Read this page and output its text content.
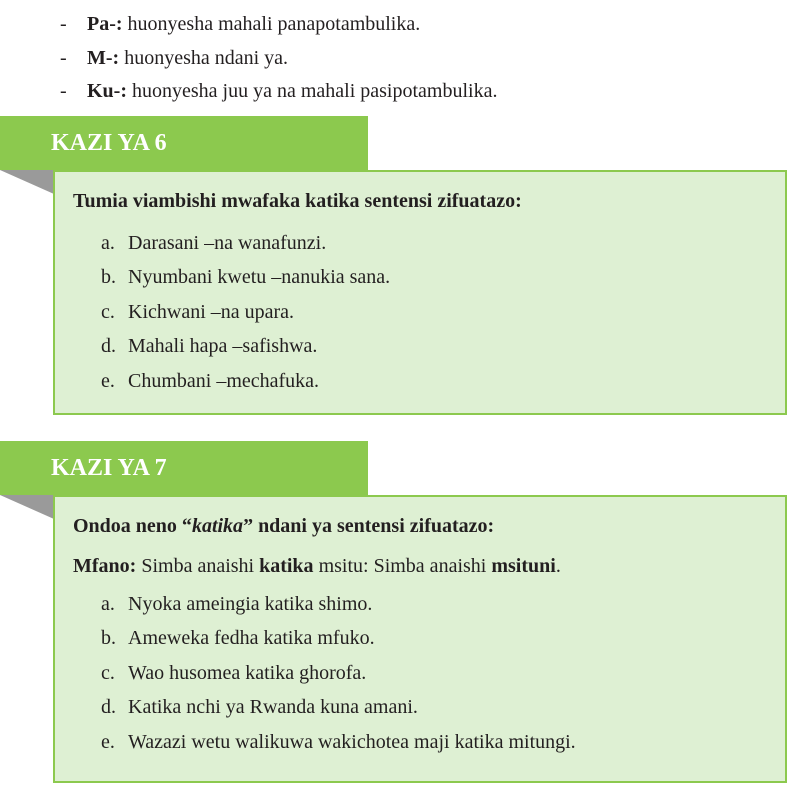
-	Pa-: huonyesha mahali panapotambulika.
-	M-: huonyesha ndani ya.
-	Ku-: huonyesha juu ya na mahali pasipotambulika.
Tumia viambishi mwafaka katika sentensi zifuatazo:
a. Darasani –na wanafunzi.
b. Nyumbani kwetu –nanukia sana.
c. Kichwani –na upara.
d. Mahali hapa –safishwa.
e. Chumbani –mechafuka.
KAZI YA 6
Ondoa neno “katika” ndani ya sentensi zifuatazo:
Mfano: Simba anaishi katika msitu: Simba anaishi msituni.
a. Nyoka ameingia katika shimo.
b. Ameweka fedha katika mfuko.
c. Wao husomea katika ghorofa.
d. Katika nchi ya Rwanda kuna amani.
e. Wazazi wetu walikuwa wakichotea maji katika mitungi.
KAZI YA 7
